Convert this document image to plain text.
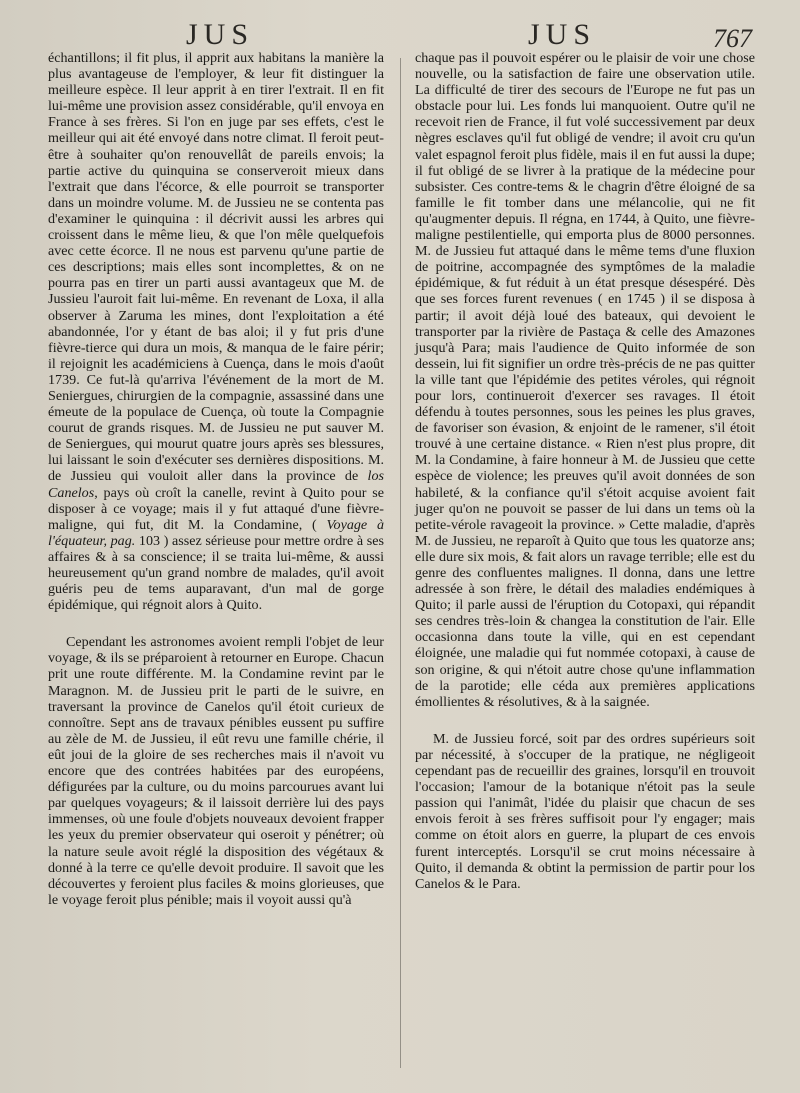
JUS	JUS	767

échantillons; il fit plus, il apprit aux habitans la manière la plus avantageuse de l'employer, & leur fit distinguer la meilleure espèce. Il leur apprit à en tirer l'extrait. Il en fit lui-même une provision assez considérable, qu'il envoya en France à ses frères. Si l'on en juge par ses effets, c'est le meilleur qui ait été envoyé dans notre climat. Il feroit peut-être à souhaiter qu'on renouvellât de pareils envois; la partie active du quinquina se conserveroit mieux dans l'extrait que dans l'écorce, & elle pourroit se transporter dans un moindre volume. M. de Jussieu ne se contenta pas d'examiner le quinquina : il décrivit aussi les arbres qui croissent dans le même lieu, & que l'on mêle quelquefois avec cette écorce. Il ne nous est parvenu qu'une partie de ces descriptions; mais elles sont incomplettes, & on ne pourra pas en tirer un parti aussi avantageux que M. de Jussieu l'auroit fait lui-même. En revenant de Loxa, il alla observer à Zaruma les mines, dont l'exploitation a été abandonnée, l'or y étant de bas aloi; il y fut pris d'une fièvre-tierce qui dura un mois, & manqua de le faire périr; il rejoignit les académiciens à Cuença, dans le mois d'août 1739. Ce fut-là qu'arriva l'événement de la mort de M. Seniergues, chirurgien de la compagnie, assassiné dans une émeute de la populace de Cuença, où toute la Compagnie courut de grands risques. M. de Jussieu ne put sauver M. de Seniergues, qui mourut quatre jours après ses blessures, lui laissant le soin d'exécuter ses dernières dispositions. M. de Jussieu qui vouloit aller dans la province de los Canelos, pays où croît la canelle, revint à Quito pour se disposer à ce voyage; mais il y fut attaqué d'une fièvre-maligne, qui fut, dit M. la Condamine, ( Voyage à l'équateur, pag. 103 ) assez sérieuse pour mettre ordre à ses affaires & à sa conscience; il se traita lui-même, & aussi heureusement qu'un grand nombre de malades, qu'il avoit guéris peu de tems auparavant, d'un mal de gorge épidémique, qui régnoit alors à Quito.

Cependant les astronomes avoient rempli l'objet de leur voyage, & ils se préparoient à retourner en Europe. Chacun prit une route différente. M. la Condamine revint par le Maragnon. M. de Jussieu prit le parti de le suivre, en traversant la province de Canelos qu'il étoit curieux de connoître. Sept ans de travaux pénibles eussent pu suffire au zèle de M. de Jussieu, il eût revu une famille chérie, il eût joui de la gloire de ses recherches mais il n'avoit vu encore que des contrées habitées par des européens, défigurées par la culture, ou du moins parcourues avant lui par quelques voyageurs; & il laissoit derrière lui des pays immenses, où une foule d'objets nouveaux devoient frapper les yeux du premier observateur qui oseroit y pénétrer; où la nature seule avoit réglé la disposition des végétaux & donné à la terre ce qu'elle devoit produire. Il savoit que les découvertes y feroient plus faciles & moins glorieuses, que le voyage feroit plus pénible; mais il voyoit aussi qu'à

chaque pas il pouvoit espérer ou le plaisir de voir une chose nouvelle, ou la satisfaction de faire une observation utile. La difficulté de tirer des secours de l'Europe ne fut pas un obstacle pour lui. Les fonds lui manquoient. Outre qu'il ne recevoit rien de France, il fut volé successivement par deux nègres esclaves qu'il fut obligé de vendre; il avoit cru qu'un valet espagnol feroit plus fidèle, mais il en fut aussi la dupe; il fut obligé de se livrer à la pratique de la médecine pour subsister. Ces contre-tems & le chagrin d'être éloigné de sa famille le fit tomber dans une mélancolie, qui ne fit qu'augmenter depuis. Il régna, en 1744, à Quito, une fièvre-maligne pestilentielle, qui emporta plus de 8000 personnes. M. de Jussieu fut attaqué dans le même tems d'une fluxion de poitrine, accompagnée des symptômes de la maladie épidémique, & fut réduit à un état presque désespéré. Dès que ses forces furent revenues ( en 1745 ) il se disposa à partir; il avoit déjà loué des bateaux, qui devoient le transporter par la rivière de Pastaça & celle des Amazones jusqu'à Para; mais l'audience de Quito informée de son dessein, lui fit signifier un ordre très-précis de ne pas quitter la ville tant que l'épidémie des petites véroles, qui régnoit pour lors, continueroit d'exercer ses ravages. Il étoit défendu à toutes personnes, sous les peines les plus graves, de favoriser son évasion, & enjoint de le ramener, s'il étoit trouvé à une certaine distance. « Rien n'est plus propre, dit M. la Condamine, à faire honneur à M. de Jussieu que cette espèce de violence; les preuves qu'il avoit données de son habileté, & la confiance qu'il s'étoit acquise avoient fait juger qu'on ne pouvoit se passer de lui dans un tems où la petite-vérole ravageoit la province. » Cette maladie, d'après M. de Jussieu, ne reparoît à Quito que tous les quatorze ans; elle dure six mois, & fait alors un ravage terrible; elle est du genre des confluentes malignes. Il donna, dans une lettre adressée à son frère, le détail des maladies endémiques à Quito; il parle aussi de l'éruption du Cotopaxi, qui répandit ses cendres très-loin & changea la constitution de l'air. Elle occasionna dans toute la ville, qui en est cependant éloignée, une maladie qui fut nommée cotopaxi, à cause de son origine, & qui n'étoit autre chose qu'une inflammation de la parotide; elle céda aux premières applications émollientes & résolutives, & à la saignée.

M. de Jussieu forcé, soit par des ordres supérieurs soit par nécessité, à s'occuper de la pratique, ne négligeoit cependant pas de recueillir des graines, lorsqu'il en trouvoit l'occasion; l'amour de la botanique n'étoit pas la seule passion qui l'animât, l'idée du plaisir que chacun de ses envois feroit à ses frères suffisoit pour l'y engager; mais comme on étoit alors en guerre, la plupart de ces envois furent interceptés. Lorsqu'il se crut moins nécessaire à Quito, il demanda & obtint la permission de partir pour los Canelos & le Para.
